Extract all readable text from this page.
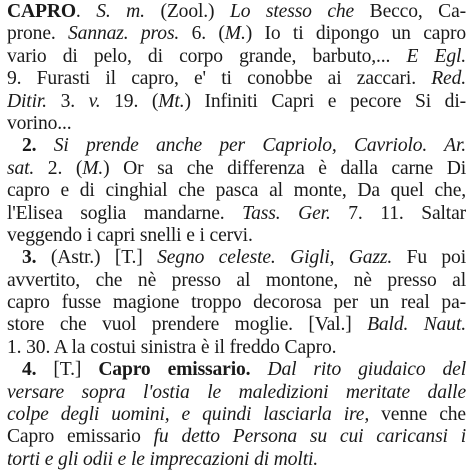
CAPRO. S. m. (Zool.) Lo stesso che Becco, Ca-
prone. Sannaz. pros. 6. (M.) Io ti dipongo un capro
vario di pelo, di corpo grande, barbuto,... E Egl.
9. Furasti il capro, e' ti conobbe ai zaccari. Red.
Ditir. 3. v. 19. (Mt.) Infiniti Capri e pecore Si di-
vorino...
2. Si prende anche per Capriolo, Cavriolo. Ar.
sat. 2. (M.) Or sa che differenza è dalla carne Di
capro e di cinghial che pasca al monte, Da quel che,
l'Elisea soglia mandarne. Tass. Ger. 7. 11. Saltar
veggendo i capri snelli e i cervi.
3. (Astr.) [T.] Segno celeste. Gigli, Gazz. Fu poi
avvertito, che nè presso al montone, nè presso al
capro fusse magione troppo decorosa per un real pa-
store che vuol prendere moglie. [Val.] Bald. Naut.
1. 30. A la costui sinistra è il freddo Capro.
4. [T.] Capro emissario. Dal rito giudaico del
versare sopra l'ostia le maledizioni meritate dalle
colpe degli uomini, e quindi lasciarla ire, venne che
Capro emissario fu detto Persona su cui caricansi i
torti e gli odii e le imprecazioni di molti.
